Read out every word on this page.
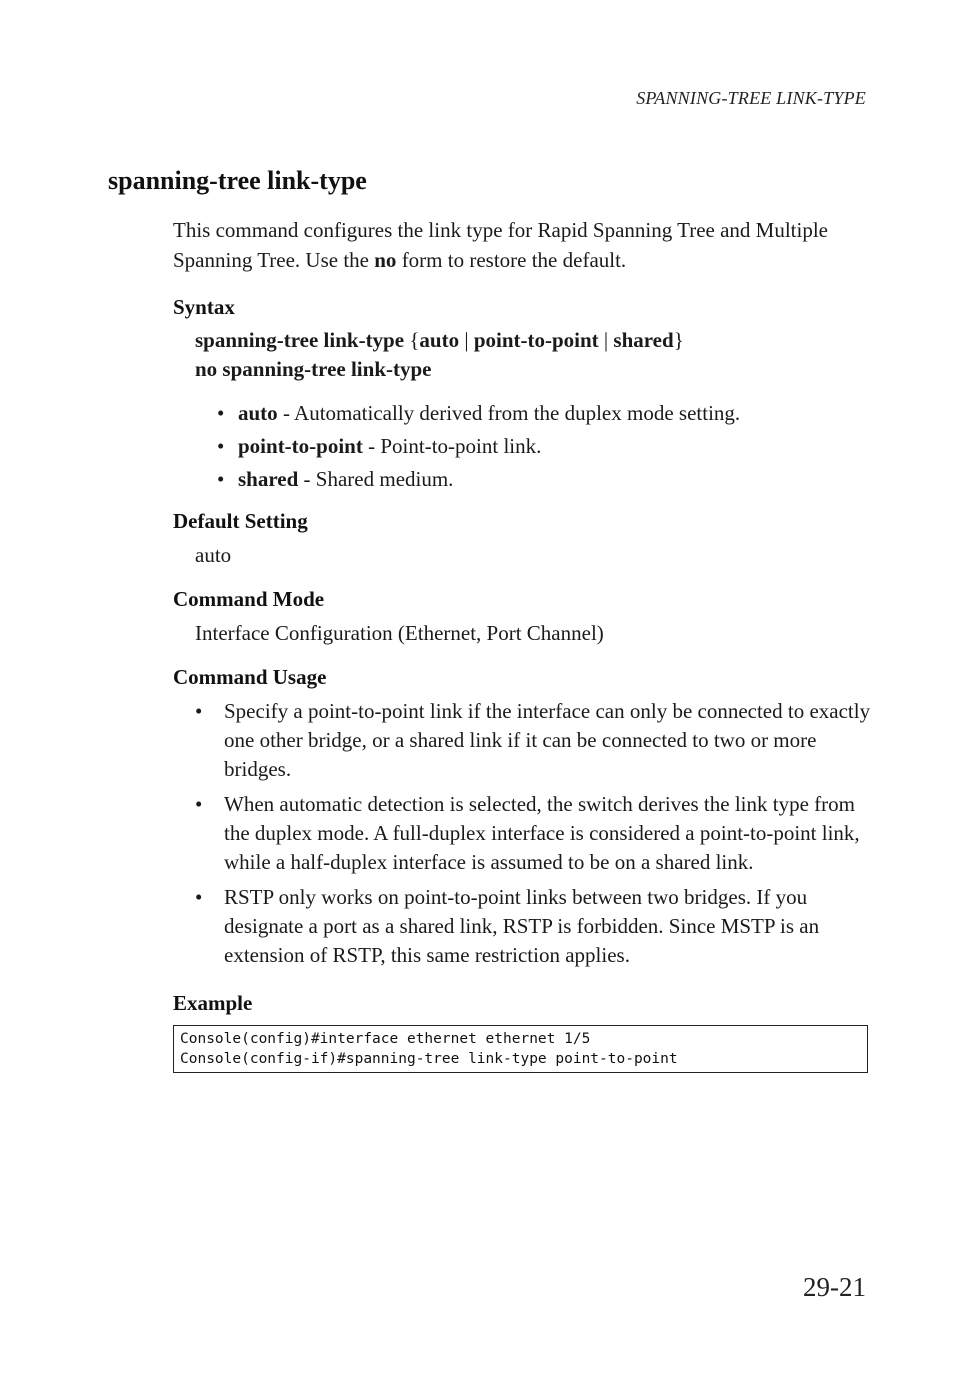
SPANNING-TREE LINK-TYPE
spanning-tree link-type

This command configures the link type for Rapid Spanning Tree and Multiple Spanning Tree. Use the no form to restore the default.

Syntax
spanning-tree link-type {auto | point-to-point | shared}
no spanning-tree link-type
• auto - Automatically derived from the duplex mode setting.
• point-to-point - Point-to-point link.
• shared - Shared medium.
Default Setting
auto
Command Mode
Interface Configuration (Ethernet, Port Channel)
Command Usage
• Specify a point-to-point link if the interface can only be connected to exactly one other bridge, or a shared link if it can be connected to two or more bridges.
• When automatic detection is selected, the switch derives the link type from the duplex mode. A full-duplex interface is considered a point-to-point link, while a half-duplex interface is assumed to be on a shared link.
• RSTP only works on point-to-point links between two bridges. If you designate a port as a shared link, RSTP is forbidden. Since MSTP is an extension of RSTP, this same restriction applies.
Example
Console(config)#interface ethernet ethernet 1/5
Console(config-if)#spanning-tree link-type point-to-point
29-21
